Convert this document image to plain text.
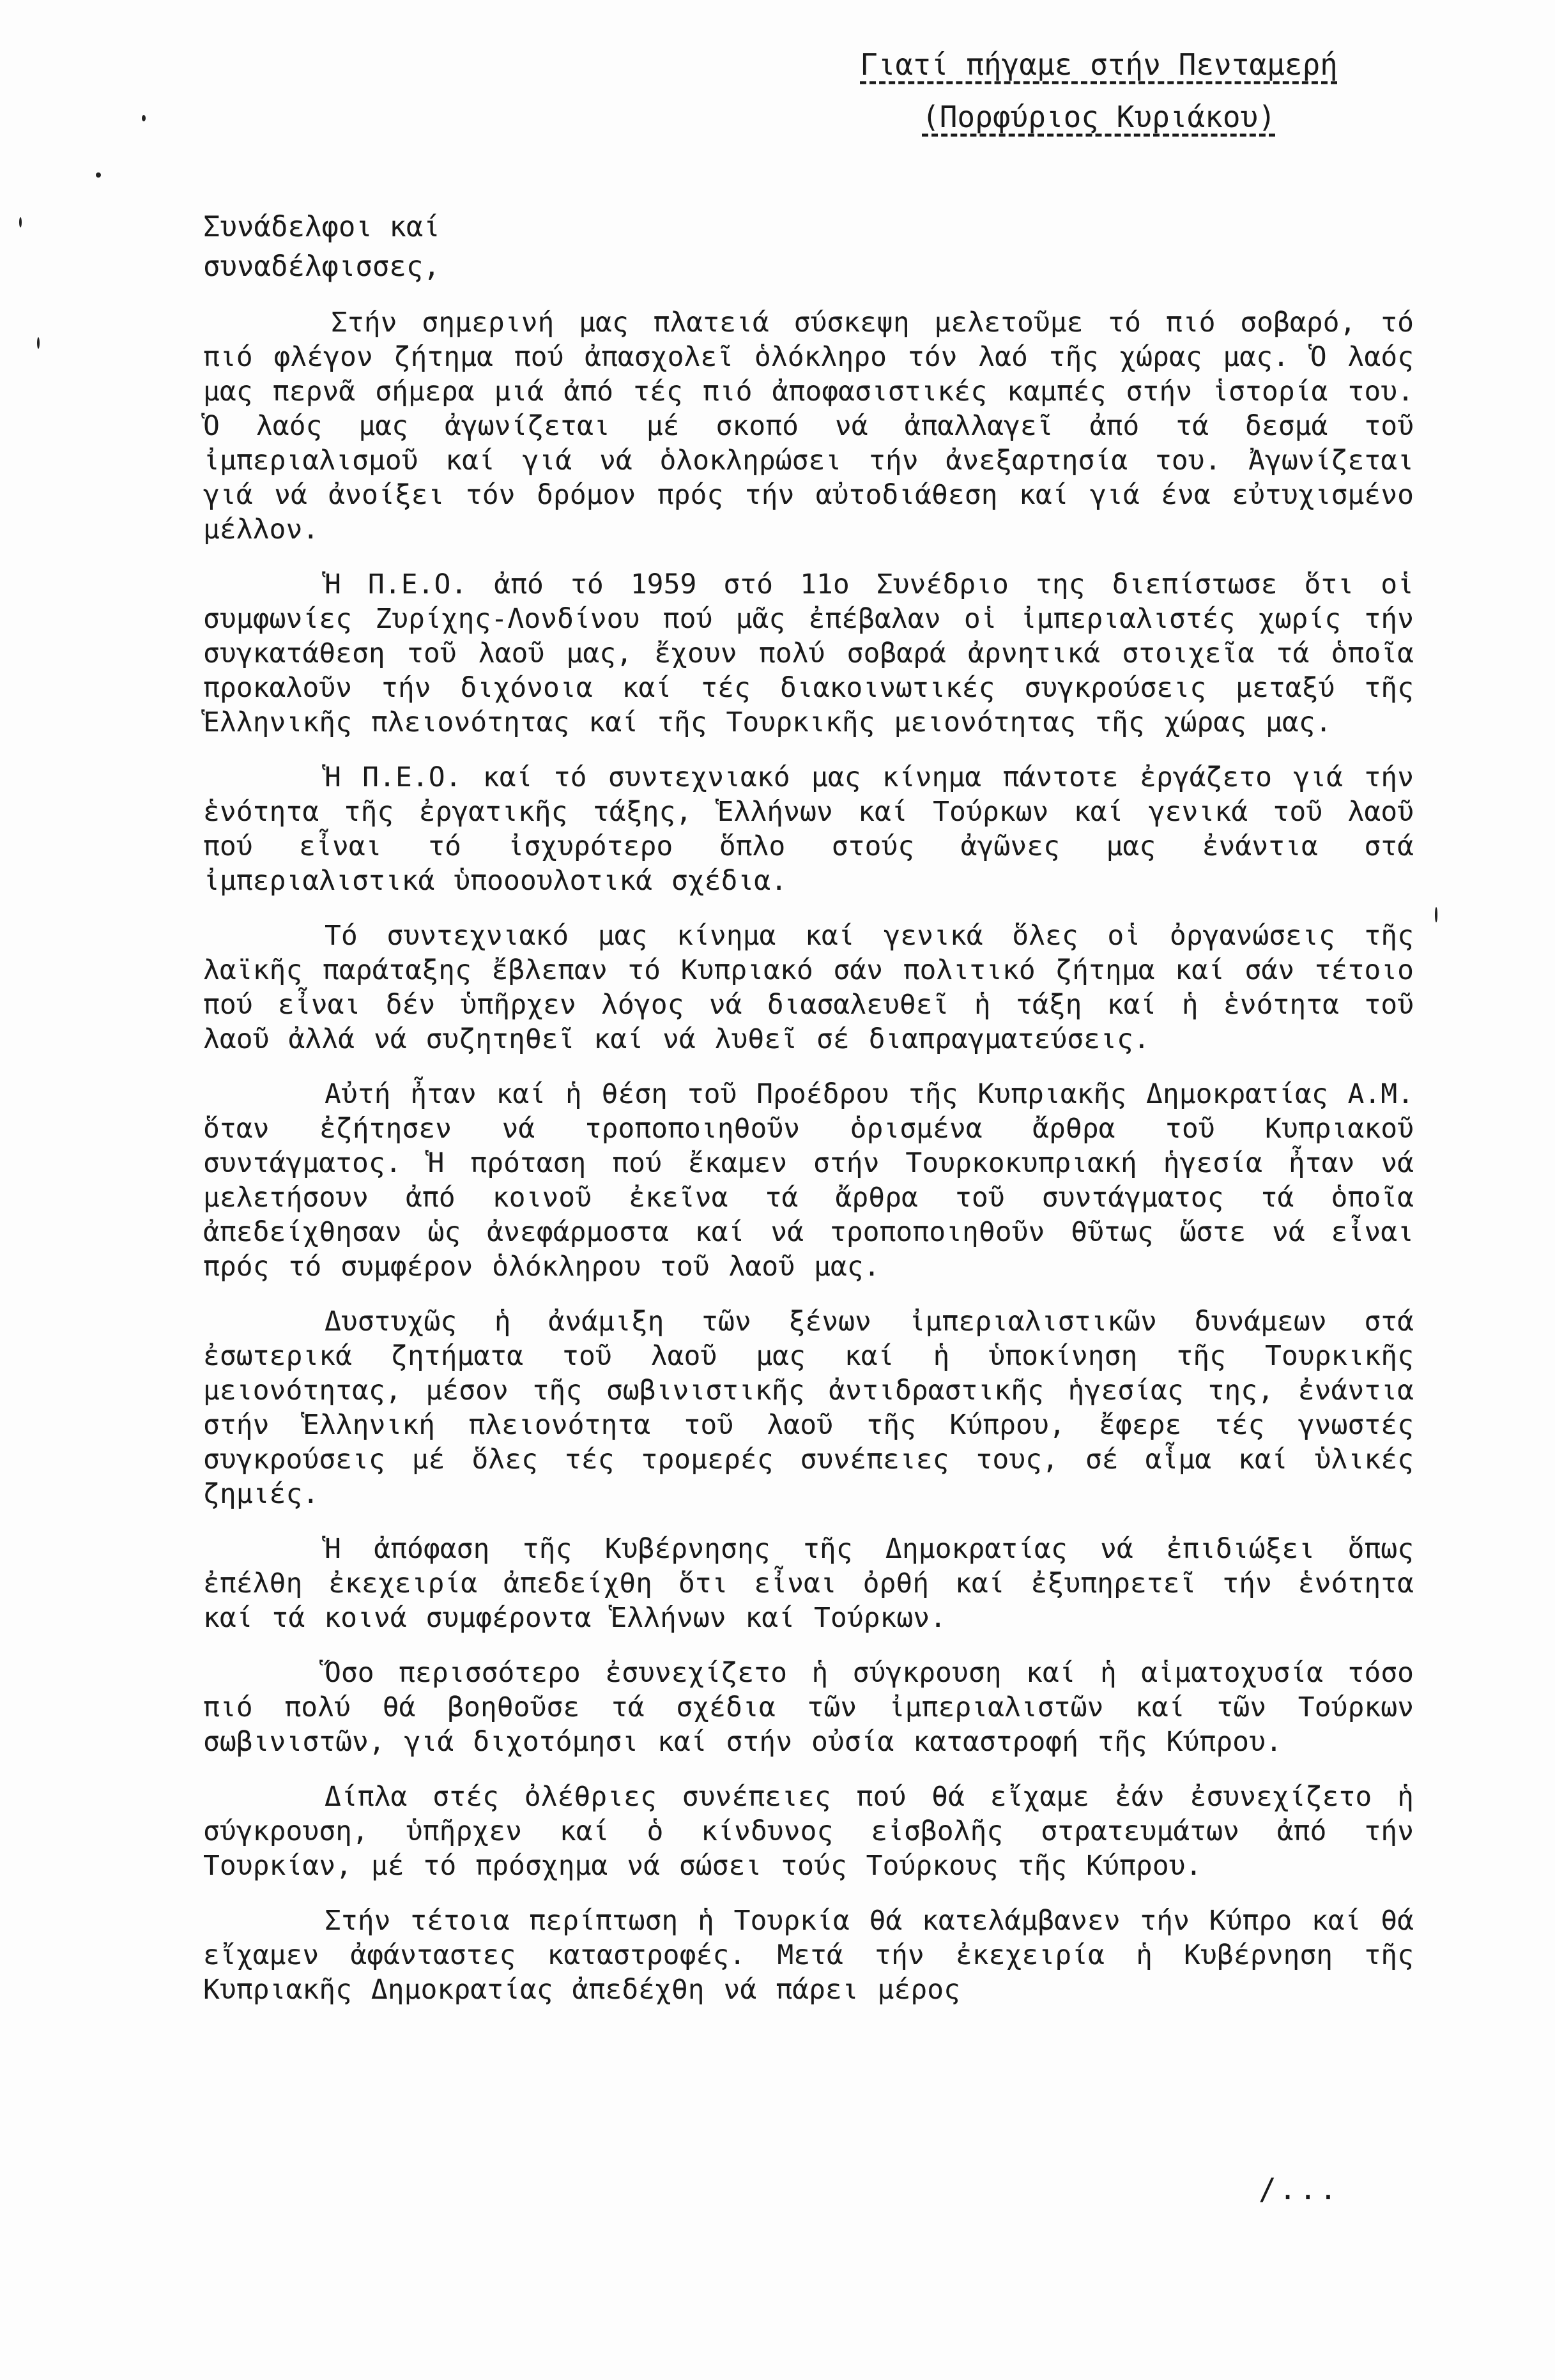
Γιατί πήγαμε στήν Πενταμερή
(Πορφύριος Κυριάκου)
Συνάδελφοι καί
συναδέλφισσες,

Στήν σημερινή μας πλατειά σύσκεψη μελετοῦμε τό πιό σοβαρό, τό πιό φλέγον ζήτημα πού ἀπασχολεῖ ὁλόκληρο τόν λαό τῆς χώρας μας. Ὁ λαός μας περνᾶ σήμερα μιά ἀπό τές πιό ἀποφασιστικές καμπές στήν ἱστορία του. Ὁ λαός μας ἀγωνίζεται μέ σκοπό νά ἀπαλλαγεῖ ἀπό τά δεσμά τοῦ ἰμπεριαλισμοῦ καί γιά νά ὁλοκληρώσει τήν ἀνεξαρτησία του. Ἀγωνίζεται γιά νά ἀνοίξει τόν δρόμον πρός τήν αὐτοδιάθεση καί γιά ένα εὐτυχισμένο μέλλον.

Ἡ Π.Ε.Ο. ἀπό τό 1959 στό 11ο Συνέδριο της διεπίστωσε ὅτι οἱ συμφωνίες Ζυρίχης-Λονδίνου πού μᾶς ἐπέβαλαν οἱ ἰμπεριαλιστές χωρίς τήν συγκατάθεση τοῦ λαοῦ μας, ἔχουν πολύ σοβαρά ἀρνητικά στοιχεῖα τά ὁποῖα προκαλοῦν τήν διχόνοια καί τές διακοινωτικές συγκρούσεις μεταξύ τῆς Ἑλληνικῆς πλειονότητας καί τῆς Τουρκικῆς μειονότητας τῆς χώρας μας.

Ἡ Π.Ε.Ο. καί τό συντεχνιακό μας κίνημα πάντοτε ἐργάζετο γιά τήν ἑνότητα τῆς ἐργατικῆς τάξης, Ἑλλήνων καί Τούρκων καί γενικά τοῦ λαοῦ πού εἶναι τό ἰσχυρότερο ὅπλο στούς ἀγῶνες μας ἐνάντια στά ἰμπεριαλιστικά ὑποοουλοτικά σχέδια.

Τό συντεχνιακό μας κίνημα καί γενικά ὅλες οἱ ὀργανώσεις τῆς λαϊκῆς παράταξης ἔβλεπαν τό Κυπριακό σάν πολιτικό ζήτημα καί σάν τέτοιο πού εἶναι δέν ὑπῆρχεν λόγος νά διασαλευθεῖ ἡ τάξη καί ἡ ἑνότητα τοῦ λαοῦ ἀλλά νά συζητηθεῖ καί νά λυθεῖ σέ διαπραγματεύσεις.

Αὐτή ἦταν καί ἡ θέση τοῦ Προέδρου τῆς Κυπριακῆς Δημοκρατίας Α.Μ. ὅταν ἐζήτησεν νά τροποποιηθοῦν ὁρισμένα ἄρθρα τοῦ Κυπριακοῦ συντάγματος. Ἡ πρόταση πού ἔκαμεν στήν Τουρκοκυπριακή ἡγεσία ἦταν νά μελετήσουν ἀπό κοινοῦ ἐκεῖνα τά ἄρθρα τοῦ συντάγματος τά ὁποῖα ἀπεδείχθησαν ὡς ἀνεφάρμοστα καί νά τροποποιηθοῦν θῦτως ὥστε νά εἶναι πρός τό συμφέρον ὁλόκληρου τοῦ λαοῦ μας.

Δυστυχῶς ἡ ἀνάμιξη τῶν ξένων ἰμπεριαλιστικῶν δυνάμεων στά ἐσωτερικά ζητήματα τοῦ λαοῦ μας καί ἡ ὑποκίνηση τῆς Τουρκικῆς μειονότητας, μέσον τῆς σωβινιστικῆς ἀντιδραστικῆς ἡγεσίας της, ἐνάντια στήν Ἑλληνική πλειονότητα τοῦ λαοῦ τῆς Κύπρου, ἔφερε τές γνωστές συγκρούσεις μέ ὅλες τές τρομερές συνέπειες τους, σέ αἷμα καί ὑλικές ζημιές.

Ἡ ἀπόφαση τῆς Κυβέρνησης τῆς Δημοκρατίας νά ἐπιδιώξει ὅπως ἐπέλθη ἐκεχειρία ἀπεδείχθη ὅτι εἶναι ὀρθή καί ἐξυπηρετεῖ τήν ἑνότητα καί τά κοινά συμφέροντα Ἑλλήνων καί Τούρκων.

Ὅσο περισσότερο ἐσυνεχίζετο ἡ σύγκρουση καί ἡ αἱματοχυσία τόσο πιό πολύ θά βοηθοῦσε τά σχέδια τῶν ἰμπεριαλιστῶν καί τῶν Τούρκων σωβινιστῶν, γιά διχοτόμησι καί στήν οὐσία καταστροφή τῆς Κύπρου.

Δίπλα στές ὀλέθριες συνέπειες πού θά εἴχαμε ἐάν ἐσυνεχίζετο ἡ σύγκρουση, ὑπῆρχεν καί ὁ κίνδυνος εἰσβολῆς στρατευμάτων ἀπό τήν Τουρκίαν, μέ τό πρόσχημα νά σώσει τούς Τούρκους τῆς Κύπρου.

Στήν τέτοια περίπτωση ἡ Τουρκία θά κατελάμβανεν τήν Κύπρο καί θά εἴχαμεν ἀφάνταστες καταστροφές. Μετά τήν ἐκεχειρία ἡ Κυβέρνηση τῆς Κυπριακῆς Δημοκρατίας ἀπεδέχθη νά πάρει μέρος

/...
